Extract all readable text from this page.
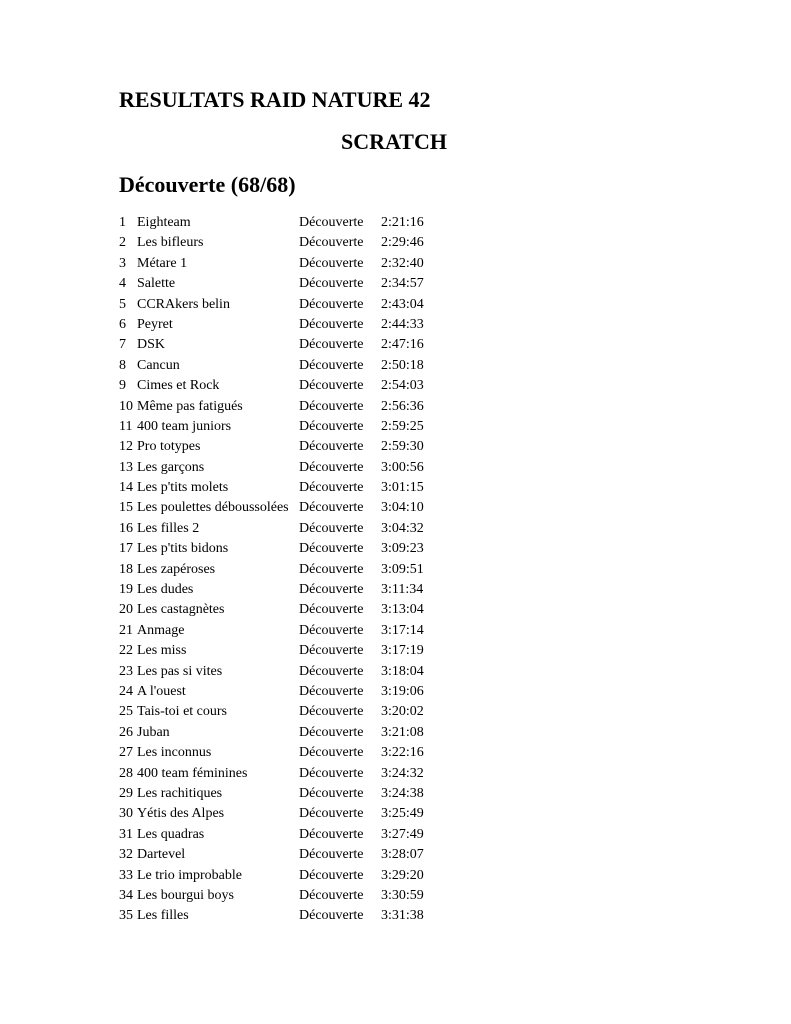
RESULTATS RAID NATURE 42
SCRATCH
Découverte (68/68)
1 Eighteam	Découverte 2:21:16
2 Les bifleurs	Découverte 2:29:46
3 Métare 1	Découverte 2:32:40
4 Salette	Découverte 2:34:57
5 CCRAkers belin	Découverte 2:43:04
6 Peyret	Découverte 2:44:33
7 DSK	Découverte 2:47:16
8 Cancun	Découverte 2:50:18
9 Cimes et Rock	Découverte 2:54:03
10 Même pas fatigués	Découverte 2:56:36
11 400 team juniors	Découverte 2:59:25
12 Pro totypes	Découverte 2:59:30
13 Les garçons	Découverte 3:00:56
14 Les p'tits molets	Découverte 3:01:15
15 Les poulettes déboussolées Découverte 3:04:10
16 Les filles 2	Découverte 3:04:32
17 Les p'tits bidons	Découverte 3:09:23
18 Les zapéroses	Découverte 3:09:51
19 Les dudes	Découverte 3:11:34
20 Les castagnètes	Découverte 3:13:04
21 Anmage	Découverte 3:17:14
22 Les miss	Découverte 3:17:19
23 Les pas si vites	Découverte 3:18:04
24 A l'ouest	Découverte 3:19:06
25 Tais-toi et cours	Découverte 3:20:02
26 Juban	Découverte 3:21:08
27 Les inconnus	Découverte 3:22:16
28 400 team féminines	Découverte 3:24:32
29 Les rachitiques	Découverte 3:24:38
30 Yétis des Alpes	Découverte 3:25:49
31 Les quadras	Découverte 3:27:49
32 Dartevel	Découverte 3:28:07
33 Le trio improbable	Découverte 3:29:20
34 Les bourgui boys	Découverte 3:30:59
35 Les filles	Découverte 3:31:38
